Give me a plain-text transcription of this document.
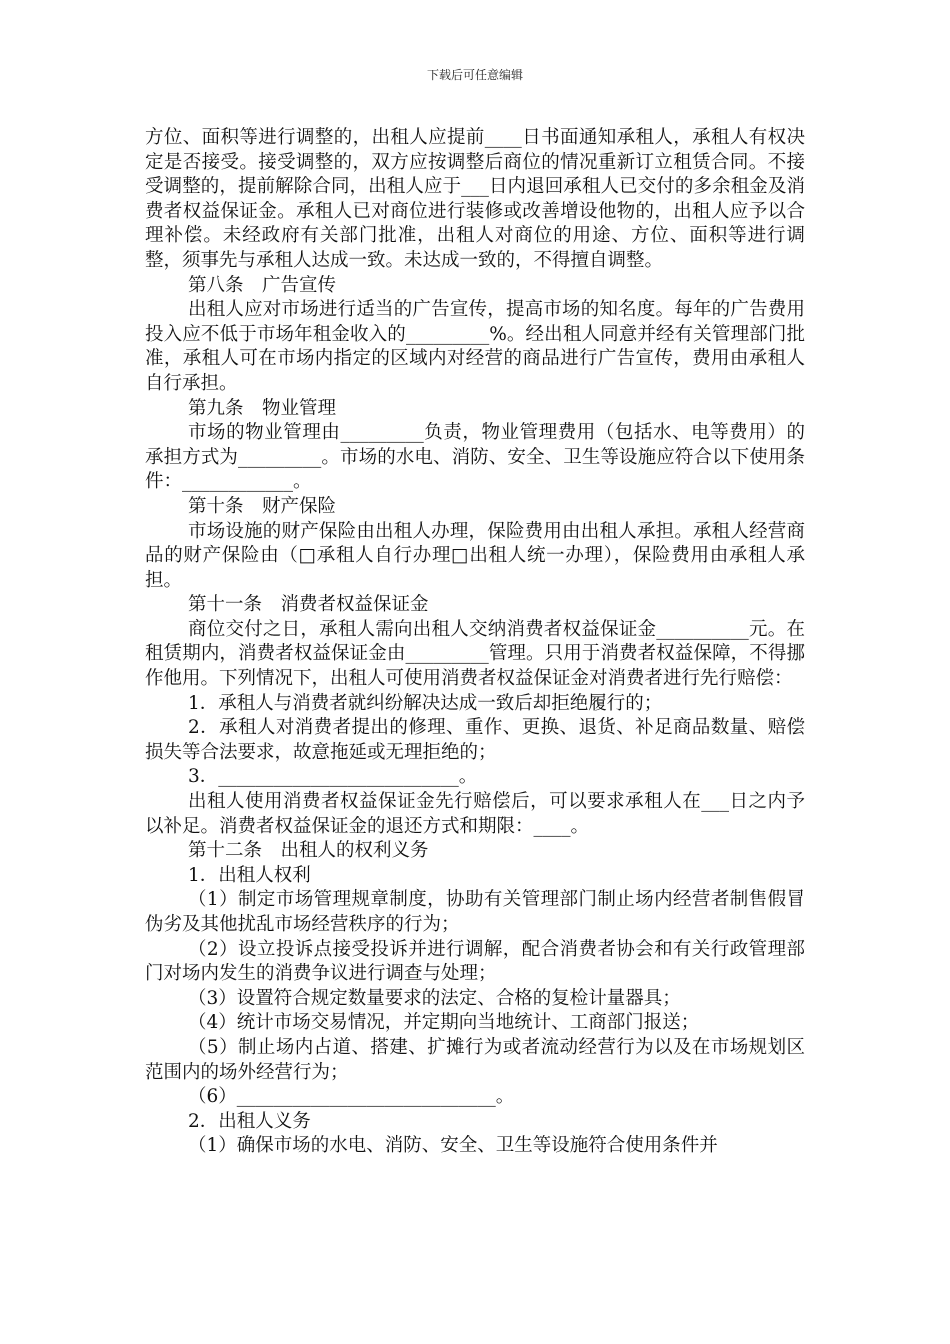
下载后可任意编辑

方位、面积等进行调整的，出租人应提前____日书面通知承租人，承租人有权决定是否接受。接受调整的，双方应按调整后商位的情况重新订立租赁合同。不接受调整的，提前解除合同，出租人应于___日内退回承租人已交付的多余租金及消费者权益保证金。承租人已对商位进行装修或改善增设他物的，出租人应予以合理补偿。未经政府有关部门批准，出租人对商位的用途、方位、面积等进行调整，须事先与承租人达成一致。未达成一致的，不得擅自调整。

第八条　广告宣传

出租人应对市场进行适当的广告宣传，提高市场的知名度。每年的广告费用投入应不低于市场年租金收入的_________%。经出租人同意并经有关管理部门批准，承租人可在市场内指定的区域内对经营的商品进行广告宣传，费用由承租人自行承担。

第九条　物业管理

市场的物业管理由_________负责，物业管理费用（包括水、电等费用）的承担方式为_________。市场的水电、消防、安全、卫生等设施应符合以下使用条件：____________。

第十条　财产保险

市场设施的财产保险由出租人办理，保险费用由出租人承担。承租人经营商品的财产保险由（□承租人自行办理□出租人统一办理），保险费用由承租人承担。

第十一条　消费者权益保证金

商位交付之日，承租人需向出租人交纳消费者权益保证金__________元。在租赁期内，消费者权益保证金由_________管理。只用于消费者权益保障，不得挪作他用。下列情况下，出租人可使用消费者权益保证金对消费者进行先行赔偿：

1．承租人与消费者就纠纷解决达成一致后却拒绝履行的；

2．承租人对消费者提出的修理、重作、更换、退货、补足商品数量、赔偿损失等合法要求，故意拖延或无理拒绝的；

3．__________________________。

出租人使用消费者权益保证金先行赔偿后，可以要求承租人在___日之内予以补足。消费者权益保证金的退还方式和期限：____。

第十二条　出租人的权利义务

1．出租人权利

（1）制定市场管理规章制度，协助有关管理部门制止场内经营者制售假冒伪劣及其他扰乱市场经营秩序的行为；

（2）设立投诉点接受投诉并进行调解，配合消费者协会和有关行政管理部门对场内发生的消费争议进行调查与处理；

（3）设置符合规定数量要求的法定、合格的复检计量器具；

（4）统计市场交易情况，并定期向当地统计、工商部门报送；

（5）制止场内占道、搭建、扩摊行为或者流动经营行为以及在市场规划区范围内的场外经营行为；

（6）____________________________。

2．出租人义务

（1）确保市场的水电、消防、安全、卫生等设施符合使用条件并
